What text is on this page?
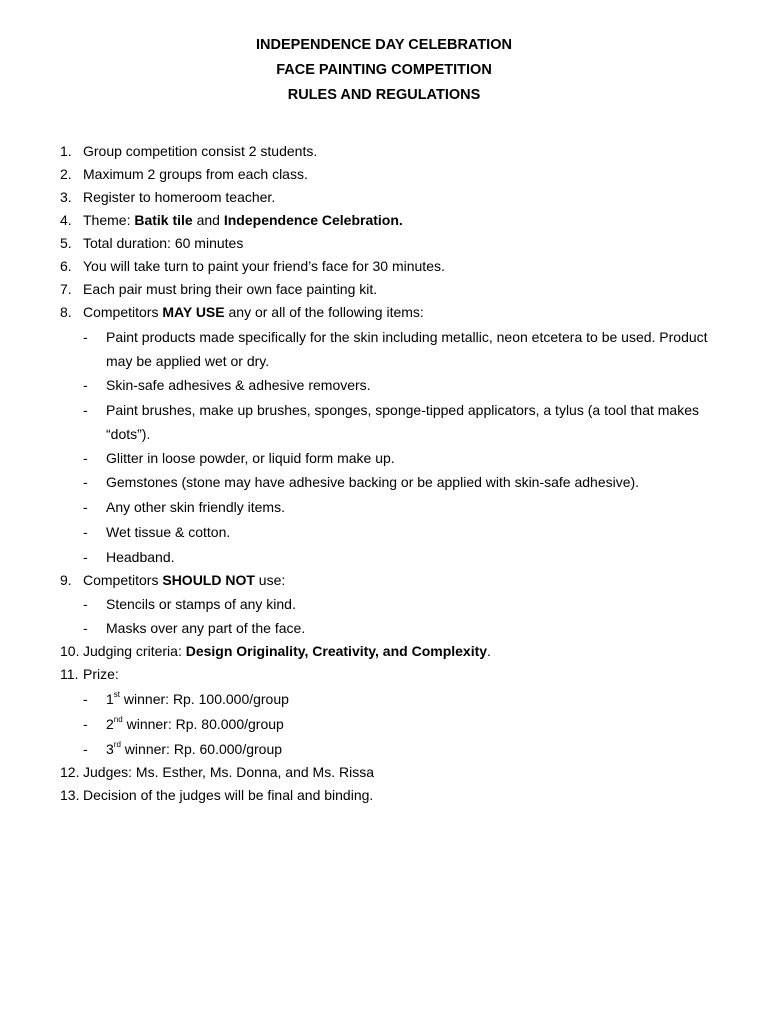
INDEPENDENCE DAY CELEBRATION
FACE PAINTING COMPETITION
RULES AND REGULATIONS
1. Group competition consist 2 students.
2. Maximum 2 groups from each class.
3. Register to homeroom teacher.
4. Theme: Batik tile and Independence Celebration.
5. Total duration: 60 minutes
6. You will take turn to paint your friend’s face for 30 minutes.
7. Each pair must bring their own face painting kit.
8. Competitors MAY USE any or all of the following items:
- Paint products made specifically for the skin including metallic, neon etcetera to be used. Product may be applied wet or dry.
- Skin-safe adhesives & adhesive removers.
- Paint brushes, make up brushes, sponges, sponge-tipped applicators, a tylus (a tool that makes “dots”).
- Glitter in loose powder, or liquid form make up.
- Gemstones (stone may have adhesive backing or be applied with skin-safe adhesive).
- Any other skin friendly items.
- Wet tissue & cotton.
- Headband.
9. Competitors SHOULD NOT use:
- Stencils or stamps of any kind.
- Masks over any part of the face.
10. Judging criteria: Design Originality, Creativity, and Complexity.
11. Prize:
- 1st winner: Rp. 100.000/group
- 2nd winner: Rp. 80.000/group
- 3rd winner: Rp. 60.000/group
12. Judges: Ms. Esther, Ms. Donna, and Ms. Rissa
13. Decision of the judges will be final and binding.
